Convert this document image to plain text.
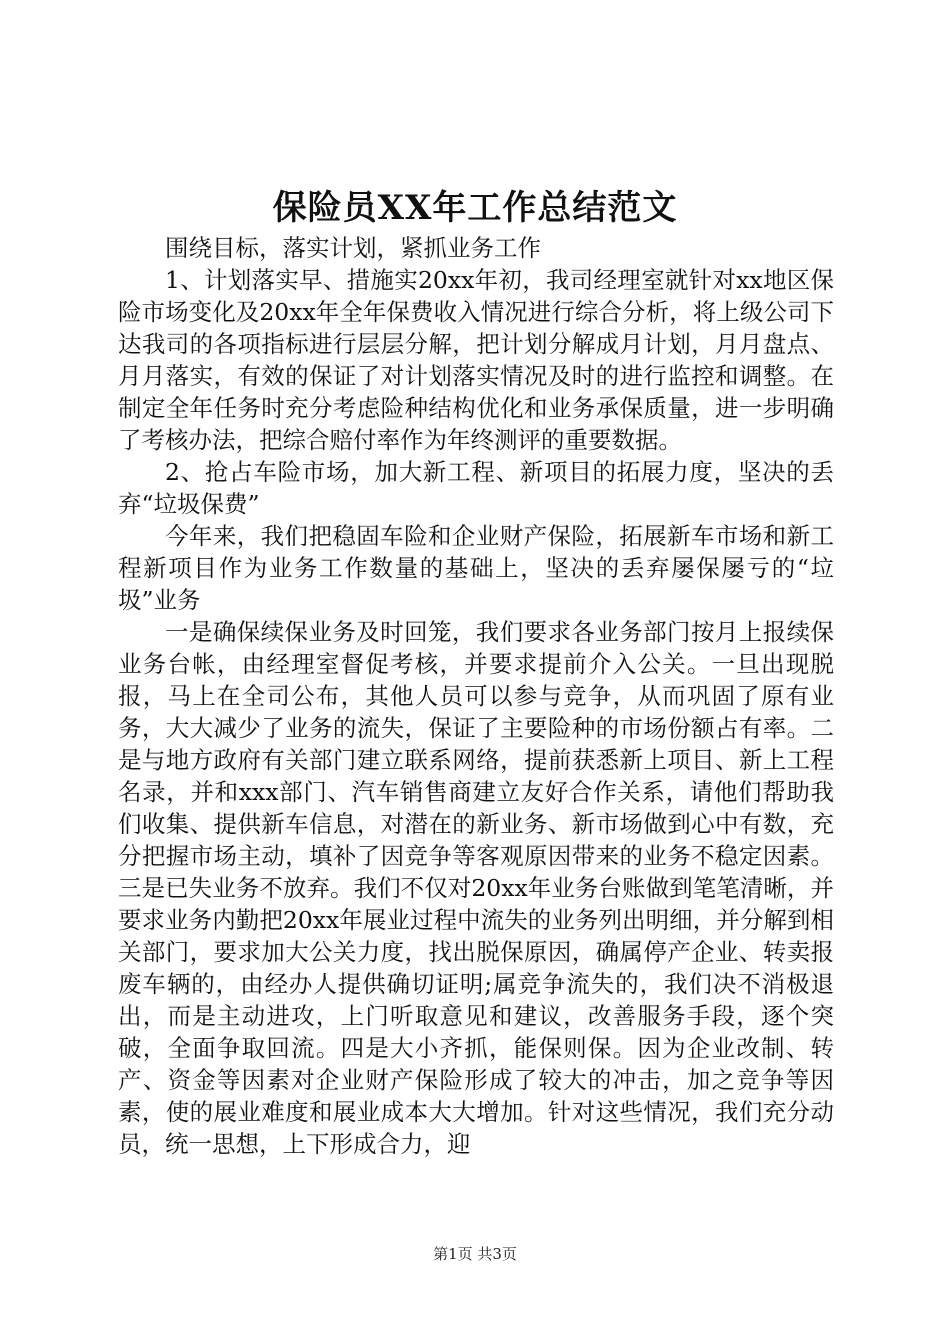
保险员XX年工作总结范文

围绕目标，落实计划，紧抓业务工作

1、计划落实早、措施实20xx年初，我司经理室就针对xx地区保险市场变化及20xx年全年保费收入情况进行综合分析，将上级公司下达我司的各项指标进行层层分解，把计划分解成月计划，月月盘点、月月落实，有效的保证了对计划落实情况及时的进行监控和调整。在制定全年任务时充分考虑险种结构优化和业务承保质量，进一步明确了考核办法，把综合赔付率作为年终测评的重要数据。

2、抢占车险市场，加大新工程、新项目的拓展力度，坚决的丢弃“垃圾保费”

今年来，我们把稳固车险和企业财产保险，拓展新车市场和新工程新项目作为业务工作数量的基础上，坚决的丢弃屡保屡亏的“垃圾”业务

一是确保续保业务及时回笼，我们要求各业务部门按月上报续保业务台帐，由经理室督促考核，并要求提前介入公关。一旦出现脱报，马上在全司公布，其他人员可以参与竞争，从而巩固了原有业务，大大减少了业务的流失，保证了主要险种的市场份额占有率。二是与地方政府有关部门建立联系网络，提前获悉新上项目、新上工程名录，并和xxx部门、汽车销售商建立友好合作关系，请他们帮助我们收集、提供新车信息，对潜在的新业务、新市场做到心中有数，充分把握市场主动，填补了因竞争等客观原因带来的业务不稳定因素。三是已失业务不放弃。我们不仅对20xx年业务台账做到笔笔清晰，并要求业务内勤把20xx年展业过程中流失的业务列出明细，并分解到相关部门，要求加大公关力度，找出脱保原因，确属停产企业、转卖报废车辆的，由经办人提供确切证明;属竞争流失的，我们决不消极退出，而是主动进攻，上门听取意见和建议，改善服务手段，逐个突破，全面争取回流。四是大小齐抓，能保则保。因为企业改制、转产、资金等因素对企业财产保险形成了较大的冲击，加之竞争等因素，使的展业难度和展业成本大大增加。针对这些情况，我们充分动员，统一思想，上下形成合力，迎

第1页 共3页
